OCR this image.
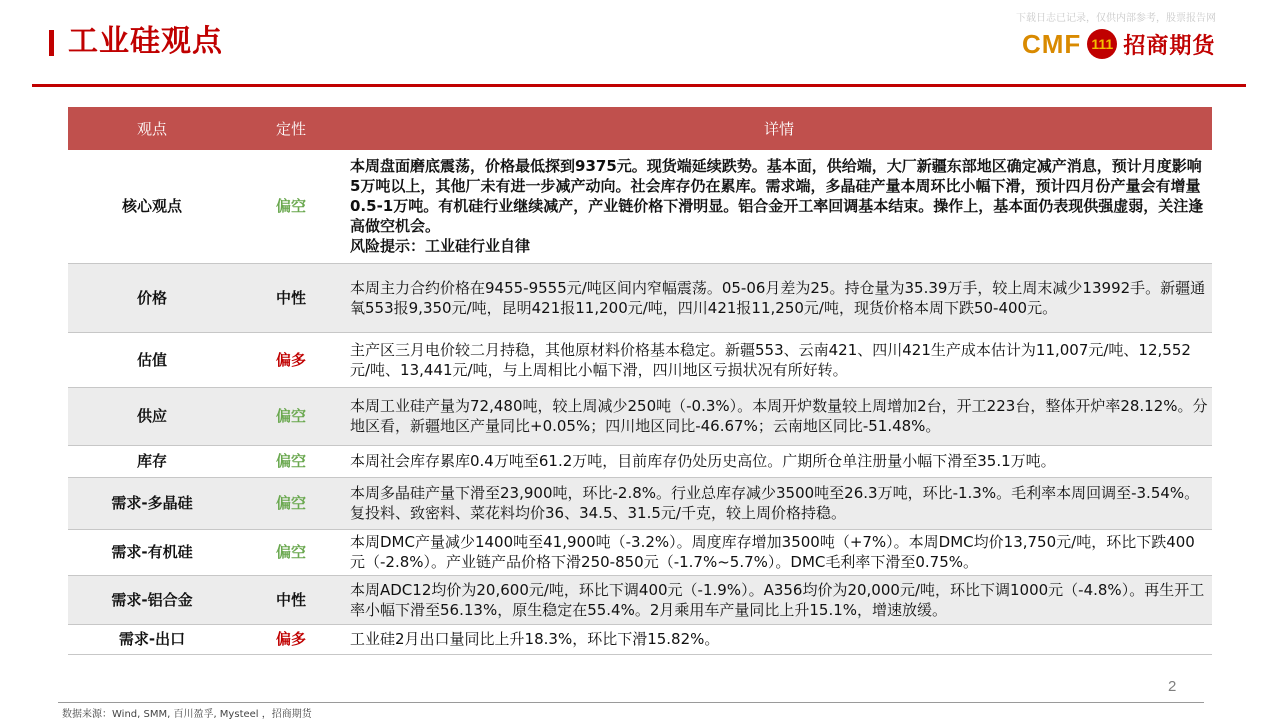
工业硅观点
下载日志已记录，仅供内部参考，股票报告网
CMF 111 招商期货
观点	定性	详情
核心观点	偏空	本周盘面磨底震荡，价格最低探到9375元。现货端延续跌势。基本面，供给端，大厂新疆东部地区确定减产消息，预计月度影响5万吨以上，其他厂未有进一步减产动向。社会库存仍在累库。需求端，多晶硅产量本周环比小幅下滑，预计四月份产量会有增量0.5-1万吨。有机硅行业继续减产，产业链价格下滑明显。铝合金开工率回调基本结束。操作上，基本面仍表现供强虚弱，关注逢高做空机会。
风险提示：工业硅行业自律

价格	中性	本周主力合约价格在9455-9555元/吨区间内窄幅震荡。05-06月差为25。持仓量为35.39万手，较上周末减少13992手。新疆通氧553报9,350元/吨，昆明421报11,200元/吨，四川421报11,250元/吨，现货价格本周下跌50-400元。
估值	偏多	主产区三月电价较二月持稳，其他原材料价格基本稳定。新疆553、云南421、四川421生产成本估计为11,007元/吨、12,552元/吨、13,441元/吨，与上周相比小幅下滑，四川地区亏损状况有所好转。
供应	偏空	本周工业硅产量为72,480吨，较上周减少250吨（-0.3%）。本周开炉数量较上周增加2台，开工223台，整体开炉率28.12%。分地区看，新疆地区产量同比+0.05%；四川地区同比-46.67%；云南地区同比-51.48%。
库存	偏空	本周社会库存累库0.4万吨至61.2万吨，目前库存仍处历史高位。广期所仓单注册量小幅下滑至35.1万吨。
需求-多晶硅	偏空	本周多晶硅产量下滑至23,900吨，环比-2.8%。行业总库存减少3500吨至26.3万吨，环比-1.3%。毛利率本周回调至-3.54%。复投料、致密料、菜花料均价36、34.5、31.5元/千克，较上周价格持稳。
需求-有机硅	偏空	本周DMC产量减少1400吨至41,900吨（-3.2%）。周度库存增加3500吨（+7%）。本周DMC均价13,750元/吨，环比下跌400元（-2.8%）。产业链产品价格下滑250-850元（-1.7%~5.7%）。DMC毛利率下滑至0.75%。
需求-铝合金	中性	本周ADC12均价为20,600元/吨，环比下调400元（-1.9%）。A356均价为20,000元/吨，环比下调1000元（-4.8%）。再生开工率小幅下滑至56.13%，原生稳定在55.4%。2月乘用车产量同比上升15.1%，增速放缓。
需求-出口	偏多	工业硅2月出口量同比上升18.3%，环比下滑15.82%。
2
数据来源：Wind, SMM, 百川盈孚, Mysteel ，招商期货
